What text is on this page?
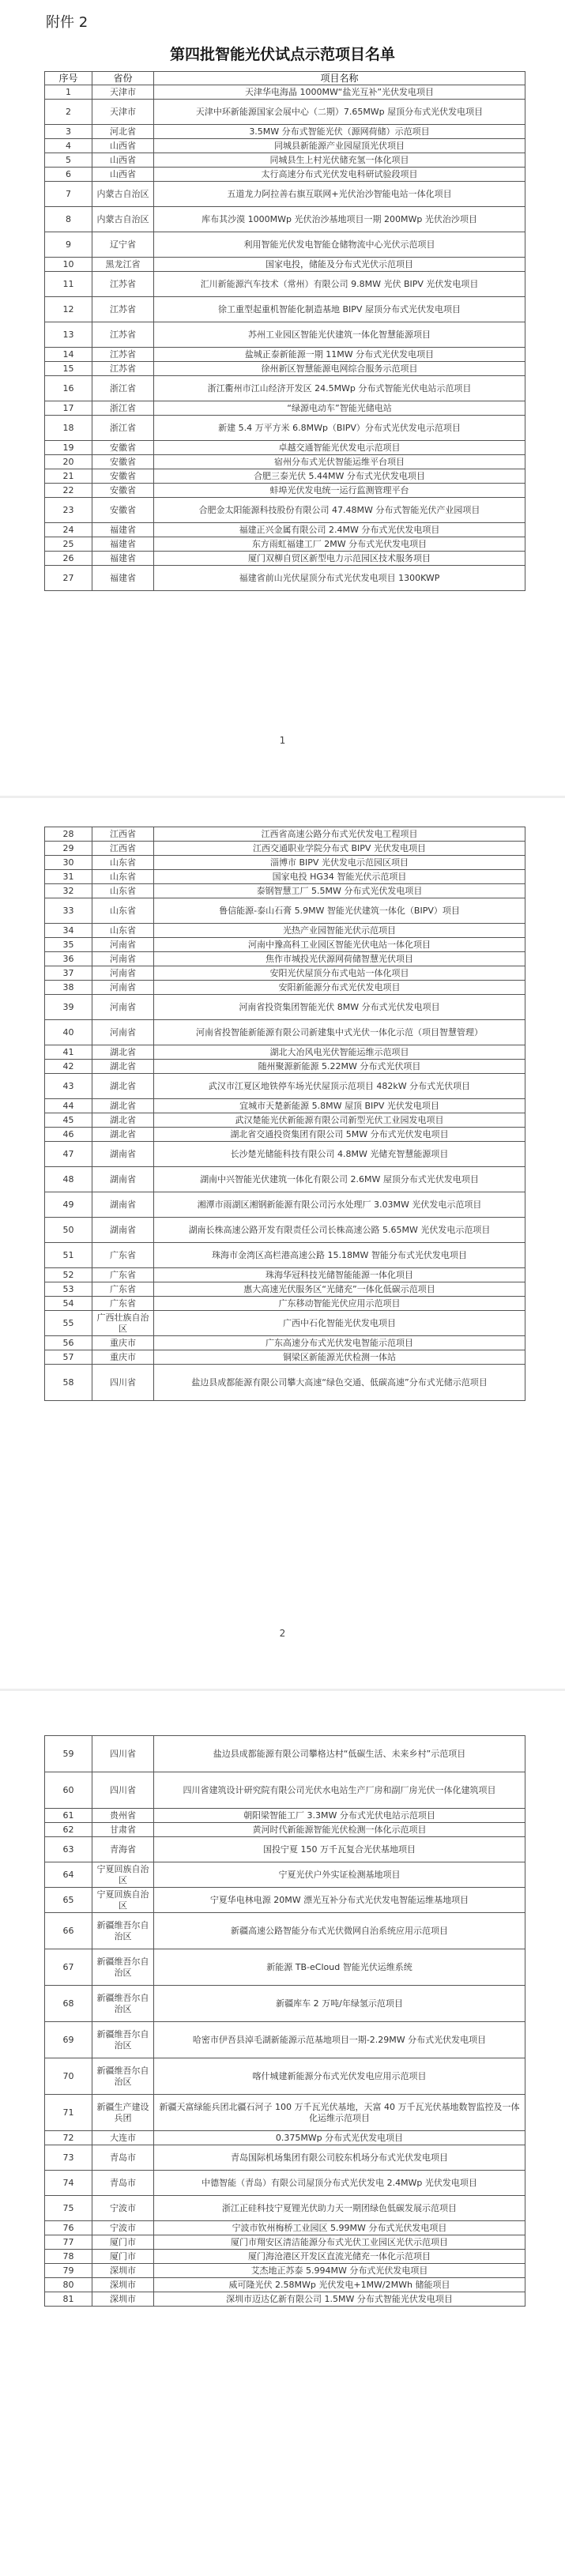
附件 2
第四批智能光伏试点示范项目名单
序号	省份	项目名称
1	天津市	天津华电海晶 1000MW“盐光互补”光伏发电项目
2	天津市	天津中环新能源国家会展中心（二期）7.65MWp 屋顶分布式光伏发电项目
3	河北省	3.5MW 分布式智能光伏（源网荷储）示范项目
4	山西省	同城县新能源产业园屋顶光伏项目
5	山西省	同城县生上村光伏储充氢一体化项目
6	山西省	太行高速分布式光伏发电科研试验段项目
7	内蒙古自治区	五道龙力阿拉善右旗互联网+光伏治沙智能电站一体化项目
8	内蒙古自治区	库布其沙漠 1000MWp 光伏治沙基地项目一期 200MWp 光伏治沙项目
9	辽宁省	利用智能光伏发电智能仓储物流中心光伏示范项目
10	黑龙江省	国家电投，储能及分布式光伏示范项目
11	江苏省	汇川新能源汽车技术（常州）有限公司 9.8MW 光伏 BIPV 光伏发电项目
12	江苏省	徐工重型起重机智能化制造基地 BIPV 屋顶分布式光伏发电项目
13	江苏省	苏州工业园区智能光伏建筑一体化智慧能源项目
14	江苏省	盐城正泰新能源一期 11MW 分布式光伏发电项目
15	江苏省	徐州新区智慧能源电网综合服务示范项目
16	浙江省	浙江衢州市江山经济开发区 24.5MWp 分布式智能光伏电站示范项目
17	浙江省	“绿源电动车”智能光储电站
18	浙江省	新建 5.4 万平方米 6.8MWp（BIPV）分布式光伏发电示范项目
19	安徽省	卓越交通智能光伏发电示范项目
20	安徽省	宿州分布式光伏智能运维平台项目
21	安徽省	合肥三泰光伏 5.44MW 分布式光伏发电项目
22	安徽省	蚌埠光伏发电统一运行监测管理平台
23	安徽省	合肥金太阳能源科技股份有限公司 47.48MW 分布式智能光伏产业园项目
24	福建省	福建正兴金属有限公司 2.4MW 分布式光伏发电项目
25	福建省	东方雨虹福建工厂 2MW 分布式光伏发电项目
26	福建省	厦门双柳自贸区新型电力示范园区技术服务项目
27	福建省	福建省前山光伏屋顶分布式光伏发电项目 1300KWP
1
28	江西省	江西省高速公路分布式光伏发电工程项目
29	江西省	江西交通职业学院分布式 BIPV 光伏发电项目
30	山东省	淄博市 BIPV 光伏发电示范园区项目
31	山东省	国家电投 HG34 智能光伏示范项目
32	山东省	泰钢智慧工厂 5.5MW 分布式光伏发电项目
33	山东省	鲁信能源-泰山石膏 5.9MW 智能光伏建筑一体化（BIPV）项目
34	山东省	光热产业园智能光伏示范项目
35	河南省	河南中豫高科工业园区智能光伏电站一体化项目
36	河南省	焦作市城投光伏源网荷储智慧光伏项目
37	河南省	安阳光伏屋顶分布式电站一体化项目
38	河南省	安阳新能源分布式光伏发电项目
39	河南省	河南省投资集团智能光伏 8MW 分布式光伏发电项目
40	河南省	河南省投智能新能源有限公司新建集中式光伏一体化示范（项目智慧管理）
41	湖北省	湖北大冶风电光伏智能运维示范项目
42	湖北省	随州聚源新能源 5.22MW 分布式光伏项目
43	湖北省	武汉市江夏区地铁停车场光伏屋顶示范项目 482kW 分布式光伏项目
44	湖北省	宜城市天楚新能源 5.8MW 屋顶 BIPV 光伏发电项目
45	湖北省	武汉楚能光伏新能源有限公司新型光伏工业园发电项目
46	湖北省	湖北省交通投资集团有限公司 5MW 分布式光伏发电项目
47	湖南省	长沙楚光储能科技有限公司 4.8MW 光储充智慧能源项目
48	湖南省	湖南中兴智能光伏建筑一体化有限公司 2.6MW 屋顶分布式光伏发电项目
49	湖南省	湘潭市雨湖区湘钢新能源有限公司污水处理厂 3.03MW 光伏发电示范项目
50	湖南省	湖南长株高速公路开发有限责任公司长株高速公路 5.65MW 光伏发电示范项目
51	广东省	珠海市金湾区高栏港高速公路 15.18MW 智能分布式光伏发电项目
52	广东省	珠海华冠科技光储智能能源一体化项目
53	广东省	惠大高速光伏服务区“光储充”一体化低碳示范项目
54	广东省	广东移动智能光伏应用示范项目
55	广西壮族自治区	广西中石化智能光伏发电项目
56	重庆市	广东高速分布式光伏发电智能示范项目
57	重庆市	铜梁区新能源光伏检测一体站
58	四川省	盐边县成都能源有限公司攀大高速“绿色交通、低碳高速”分布式光储示范项目
2
59	四川省	盐边县成都能源有限公司攀格达村“低碳生活、未来乡村”示范项目
60	四川省	四川省建筑设计研究院有限公司光伏水电站生产厂房和副厂房光伏一体化建筑项目
61	贵州省	朝阳梁智能工厂 3.3MW 分布式光伏电站示范项目
62	甘肃省	黄河时代新能源智能光伏检测一体化示范项目
63	青海省	国投宁夏 150 万千瓦复合光伏基地项目
64	宁夏回族自治区	宁夏光伏户外实证检测基地项目
65	宁夏回族自治区	宁夏华电林电源 20MW 漂光互补分布式光伏发电智能运维基地项目
66	新疆维吾尔自治区	新疆高速公路智能分布式光伏微网自治系统应用示范项目
67	新疆维吾尔自治区	新能源 TB-eCloud 智能光伏运维系统
68	新疆维吾尔自治区	新疆库车 2 万吨/年绿氢示范项目
69	新疆维吾尔自治区	哈密市伊吾县淖毛湖新能源示范基地项目一期-2.29MW 分布式光伏发电项目
70	新疆维吾尔自治区	喀什城建新能源分布式光伏发电应用示范项目
71	新疆生产建设兵团	新疆天富绿能兵团北疆石河子 100 万千瓦光伏基地，天富 40 万千瓦光伏基地数智监控及一体化运维示范项目
72	大连市	0.375MWp 分布式光伏发电项目
73	青岛市	青岛国际机场集团有限公司胶东机场分布式光伏发电项目
74	青岛市	中德智能（青岛）有限公司屋顶分布式光伏发电 2.4MWp 光伏发电项目
75	宁波市	浙江正硅科技宁夏锂光伏助力天一期团绿色低碳发展示范项目
76	宁波市	宁波市钦州梅桥工业园区 5.99MW 分布式光伏发电项目
77	厦门市	厦门市翔安区清洁能源分布式光伏工业园区光伏示范项目
78	厦门市	厦门海沧港区开发区直流光储充一体化示范项目
79	深圳市	艾杰地正苏泰 5.994MW 分布式光伏发电项目
80	深圳市	威可隆光伏 2.58MWp 光伏发电+1MW/2MWh 储能项目
81	深圳市	深圳市迈达亿新有限公司 1.5MW 分布式智能光伏发电项目
